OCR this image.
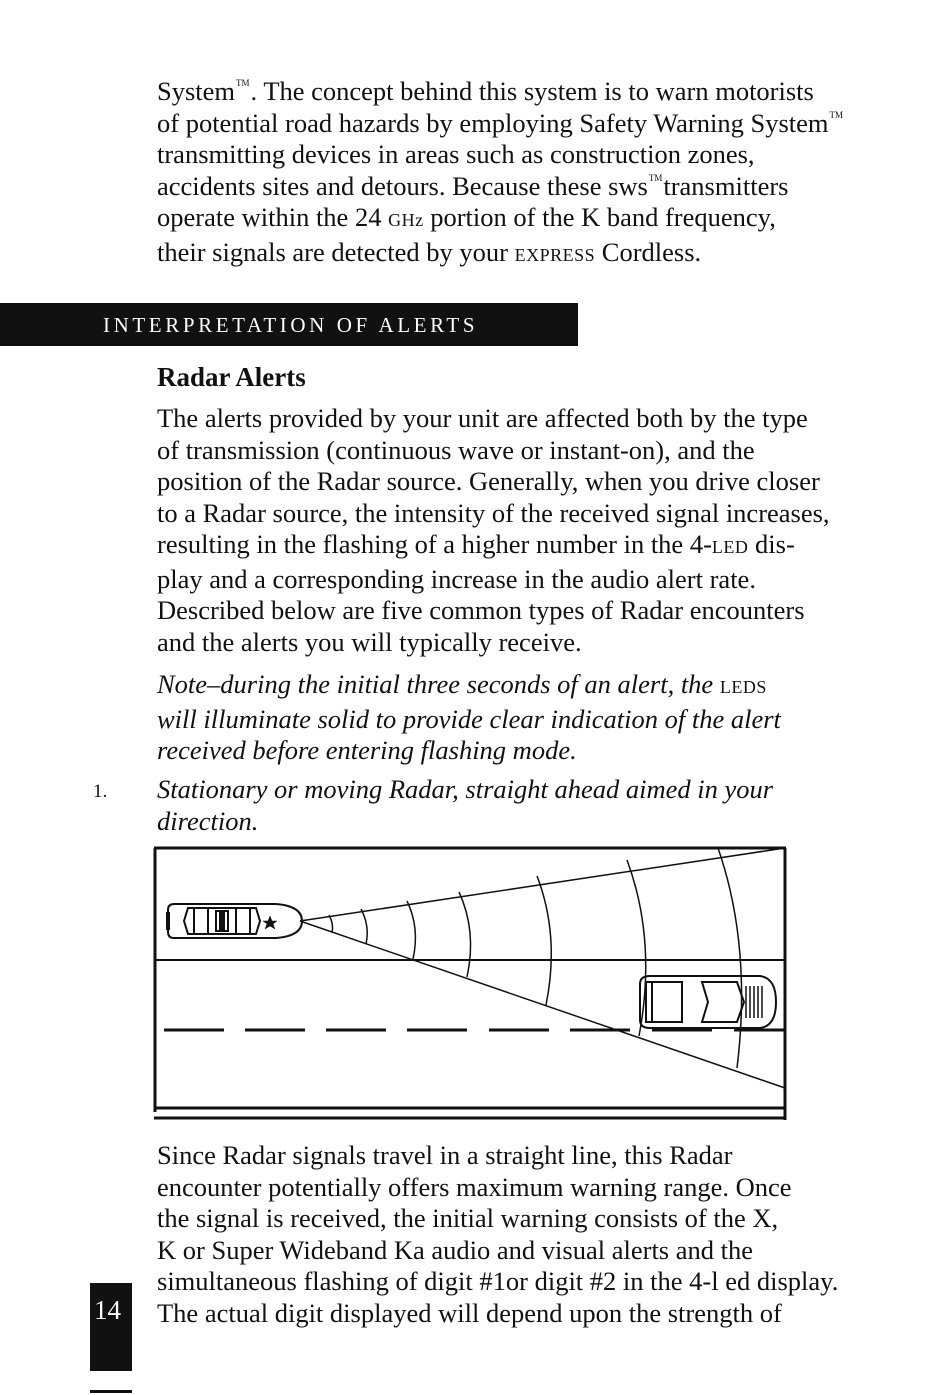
System™. The concept behind this system is to warn motorists
of potential road hazards by employing Safety Warning System™
transmitting devices in areas such as construction zones,
accidents sites and detours. Because these sws™transmitters
operate within the 24 GHz portion of the K band frequency,
their signals are detected by your EXPRESS Cordless.
INTERPRETATION OF ALERTS
Radar Alerts
The alerts provided by your unit are affected both by the type
of transmission (continuous wave or instant-on), and the
position of the Radar source. Generally, when you drive closer
to a Radar source, the intensity of the received signal increases,
resulting in the flashing of a higher number in the 4-LED dis-
play and a corresponding increase in the audio alert rate.
Described below are five common types of Radar encounters
and the alerts you will typically receive.
Note–during the initial three seconds of an alert, the LEDS
will illuminate solid to provide clear indication of the alert
received before entering flashing mode.
1. Stationary or moving Radar, straight ahead aimed in your
direction.
Since Radar signals travel in a straight line, this Radar
encounter potentially offers maximum warning range. Once
the signal is received, the initial warning consists of the X,
K or Super Wideband Ka audio and visual alerts and the
simultaneous flashing of digit #1or digit #2 in the 4-l ed display.
The actual digit displayed will depend upon the strength of
14
